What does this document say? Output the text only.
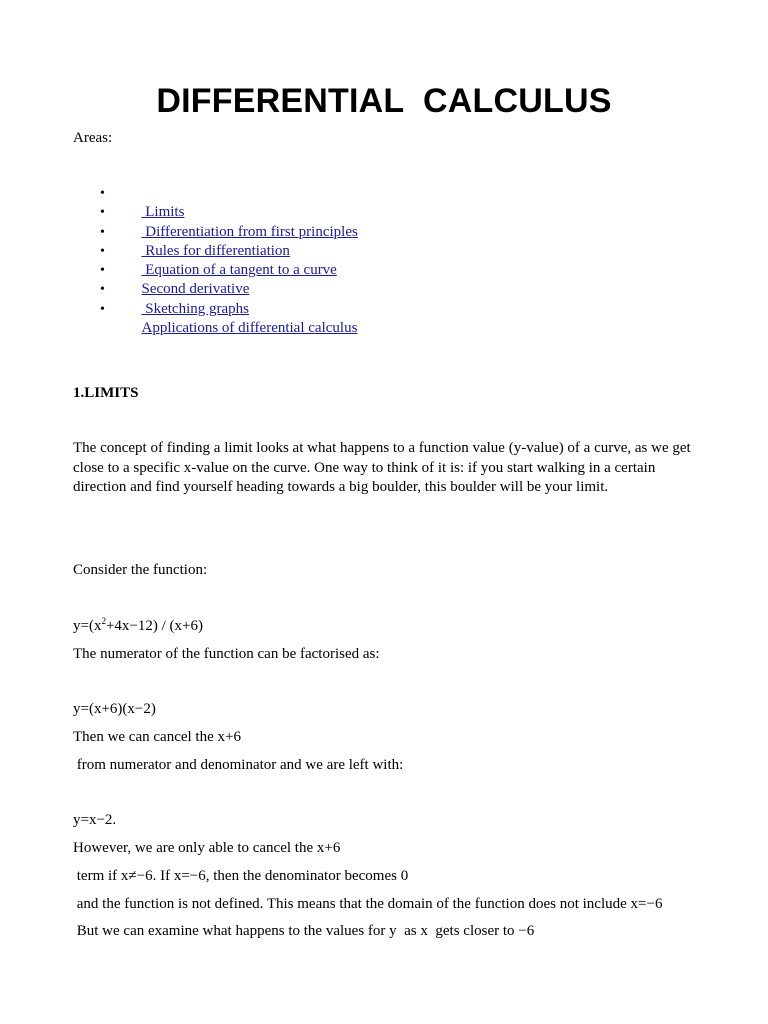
DIFFERENTIAL  CALCULUS

Areas:

•
Limits

•
Differentiation from first principles

•
Rules for differentiation

•
Equation of a tangent to a curve

•
Second derivative

•
Sketching graphs

•
Applications of differential calculus

1.LIMITS

The concept of finding a limit looks at what happens to a function value (y-value) of a curve, as we get close to a specific x-value on the curve. One way to think of it is: if you start walking in a certain direction and find yourself heading towards a big boulder, this boulder will be your limit.

Consider the function:

$y=(x^2+4x-12) / (x+6)$

The numerator of the function can be factorised as:

y=(x+6)(x−2)

Then we can cancel the x+6

from numerator and denominator and we are left with:

y=x−2.

However, we are only able to cancel the x+6

term if x≠−6. If x=−6, then the denominator becomes 0

and the function is not defined. This means that the domain of the function does not include x=−6

But we can examine what happens to the values for y  as x  gets closer to −6
